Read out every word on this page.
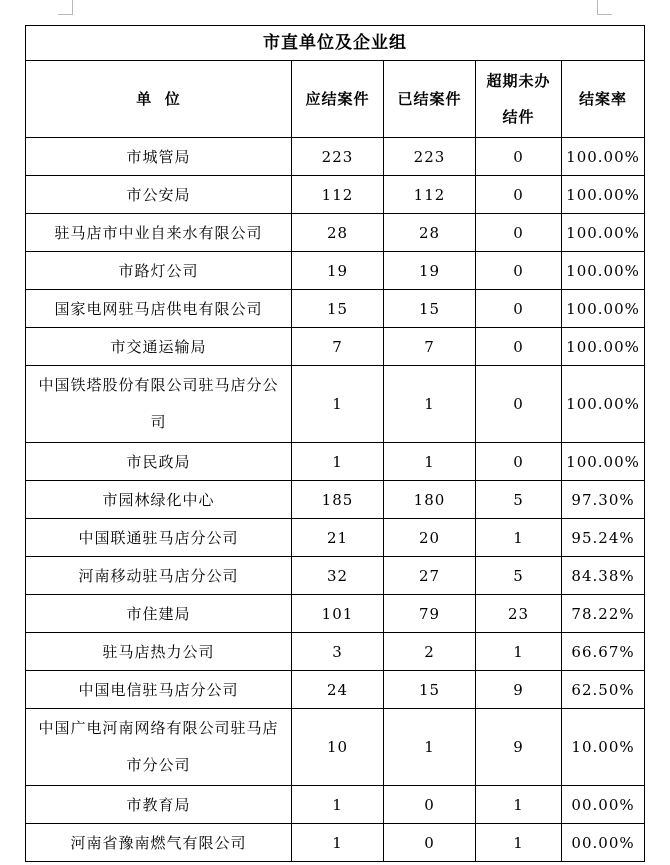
市直单位及企业组				
单  位	应结案件	已结案件	超期未办结件	结案率
市城管局	223	223	0	100.00%
市公安局	112	112	0	100.00%
驻马店市中业自来水有限公司	28	28	0	100.00%
市路灯公司	19	19	0	100.00%
国家电网驻马店供电有限公司	15	15	0	100.00%
市交通运输局	7	7	0	100.00%
中国铁塔股份有限公司驻马店分公司	1	1	0	100.00%
市民政局	1	1	0	100.00%
市园林绿化中心	185	180	5	97.30%
中国联通驻马店分公司	21	20	1	95.24%
河南移动驻马店分公司	32	27	5	84.38%
市住建局	101	79	23	78.22%
驻马店热力公司	3	2	1	66.67%
中国电信驻马店分公司	24	15	9	62.50%
中国广电河南网络有限公司驻马店市分公司	10	1	9	10.00%
市教育局	1	0	1	00.00%
河南省豫南燃气有限公司	1	0	1	00.00%
